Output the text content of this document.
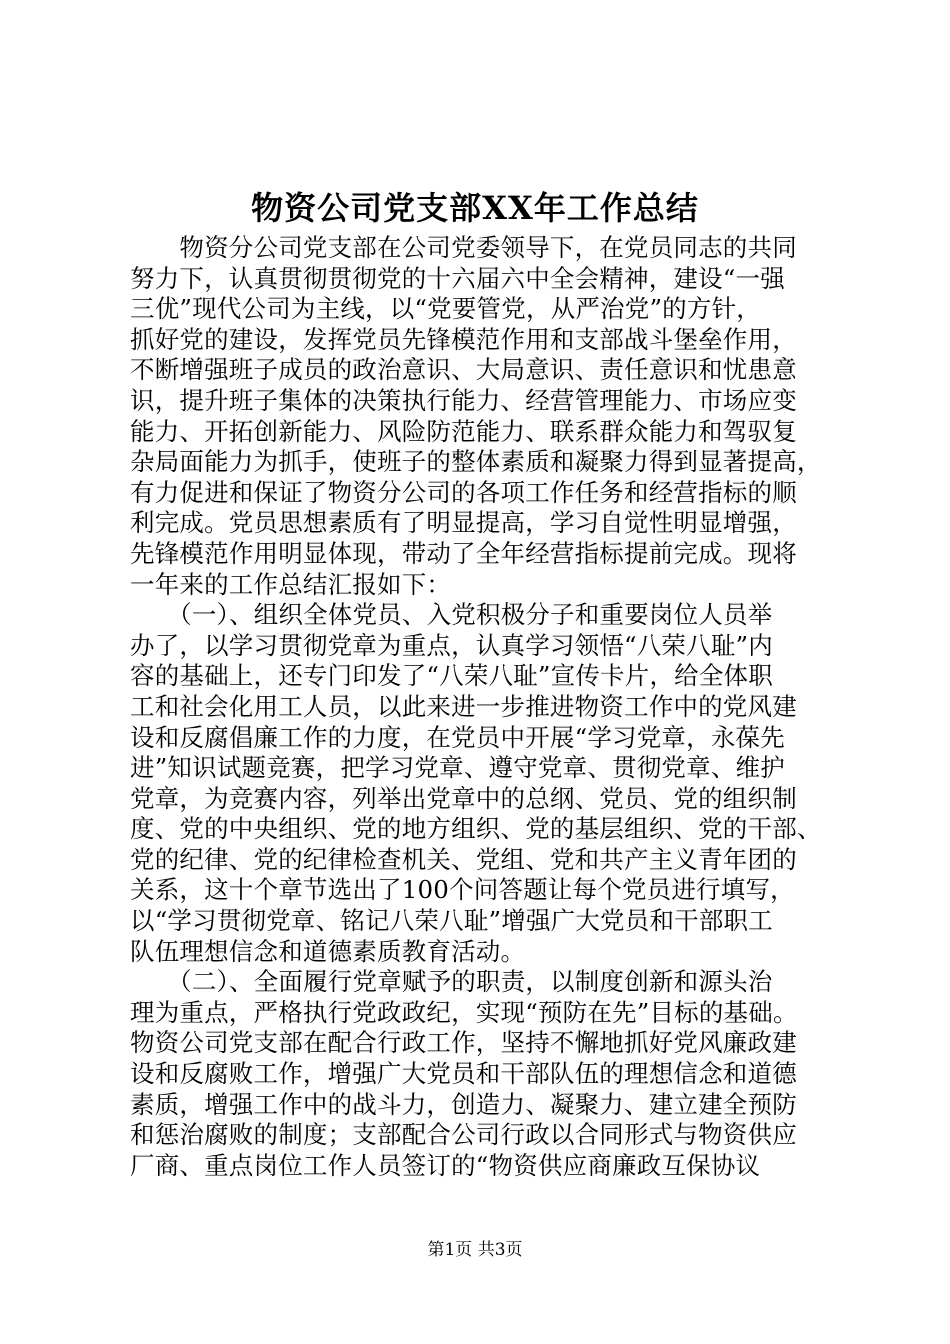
物资公司党支部XX年工作总结
　　物资分公司党支部在公司党委领导下，在党员同志的共同
努力下，认真贯彻贯彻党的十六届六中全会精神，建设“一强
三优”现代公司为主线，以“党要管党，从严治党”的方针，
抓好党的建设，发挥党员先锋模范作用和支部战斗堡垒作用，
不断增强班子成员的政治意识、大局意识、责任意识和忧患意
识，提升班子集体的决策执行能力、经营管理能力、市场应变
能力、开拓创新能力、风险防范能力、联系群众能力和驾驭复
杂局面能力为抓手，使班子的整体素质和凝聚力得到显著提高，
有力促进和保证了物资分公司的各项工作任务和经营指标的顺
利完成。党员思想素质有了明显提高，学习自觉性明显增强，
先锋模范作用明显体现，带动了全年经营指标提前完成。现将
一年来的工作总结汇报如下：
　　（一）、组织全体党员、入党积极分子和重要岗位人员举
办了，以学习贯彻党章为重点，认真学习领悟“八荣八耻”内
容的基础上，还专门印发了“八荣八耻”宣传卡片，给全体职
工和社会化用工人员，以此来进一步推进物资工作中的党风建
设和反腐倡廉工作的力度，在党员中开展“学习党章，永葆先
进”知识试题竞赛，把学习党章、遵守党章、贯彻党章、维护
党章，为竞赛内容，列举出党章中的总纲、党员、党的组织制
度、党的中央组织、党的地方组织、党的基层组织、党的干部、
党的纪律、党的纪律检查机关、党组、党和共产主义青年团的
关系，这十个章节选出了100个问答题让每个党员进行填写，
以“学习贯彻党章、铭记八荣八耻”增强广大党员和干部职工
队伍理想信念和道德素质教育活动。
　　（二）、全面履行党章赋予的职责，以制度创新和源头治
理为重点，严格执行党政政纪，实现“预防在先”目标的基础。
物资公司党支部在配合行政工作，坚持不懈地抓好党风廉政建
设和反腐败工作，增强广大党员和干部队伍的理想信念和道德
素质，增强工作中的战斗力，创造力、凝聚力、建立建全预防
和惩治腐败的制度；支部配合公司行政以合同形式与物资供应
厂商、重点岗位工作人员签订的“物资供应商廉政互保协议
第1页 共3页
